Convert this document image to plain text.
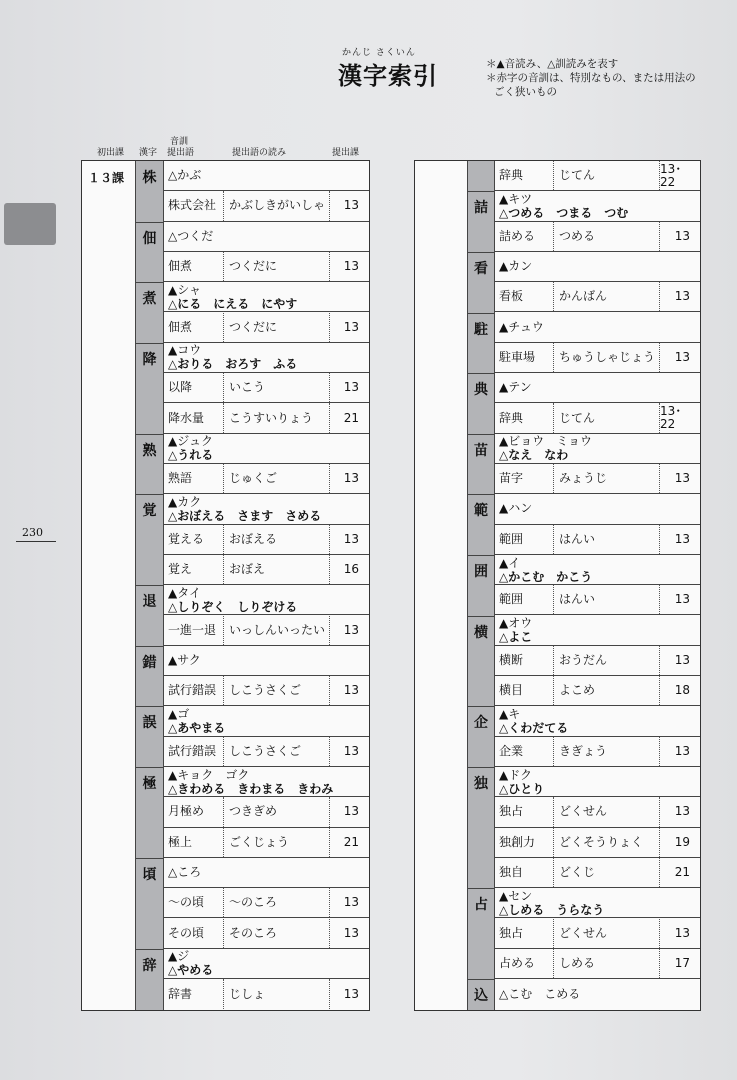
230
かんじ さくいん
漢字索引	＊▲音読み、△訓読みを表す
＊赤字の音訓は、特別なもの、または用法の
ごく狭いもの
初出課 漢字
音訓
提出語	提出語の読み	提出課
１３課	株 △かぶ
株式会社	かぶしきがいしゃ	13
佃 △つくだ
佃煮	つくだに	13
煮
▲シャ
△にる　にえる　にやす
佃煮	つくだに	13
降
▲コウ
△おりる　おろす　ふる
以降	いこう	13
降水量	こうすいりょう	21
熟
▲ジュク
△うれる
熟語	じゅくご	13
覚
▲カク
△おぼえる　さます　さめる
覚える	おぼえる	13
覚え	おぼえ	16
退
▲タイ
△しりぞく　しりぞける
一進一退	いっしんいったい	13
錯 ▲サク
試行錯誤	しこうさくご	13
誤
▲ゴ
△あやまる
試行錯誤	しこうさくご	13
極
▲キョク　ゴク
△きわめる　きわまる　きわみ
月極め	つきぎめ	13
極上	ごくじょう	21
頃 △ころ
〜の頃	〜のころ	13
その頃	そのころ	13
辞
▲ジ
△やめる
辞書	じしょ	13
辞典	じてん	13･22
詰
▲キツ
△つめる　つまる　つむ
詰める	つめる	13
看 ▲カン
看板	かんばん	13
駐 ▲チュウ
駐車場	ちゅうしゃじょう	13
典 ▲テン
辞典	じてん	13･22
苗
▲ビョウ　ミョウ
△なえ　なわ
苗字	みょうじ	13
範 ▲ハン
範囲	はんい	13
囲
▲イ
△かこむ　かこう
範囲	はんい	13
横
▲オウ
△よこ
横断	おうだん	13
横目	よこめ	18
企
▲キ
△くわだてる
企業	きぎょう	13
独
▲ドク
△ひとり
独占	どくせん	13
独創力	どくそうりょく	19
独自	どくじ	21
占
▲セン
△しめる　うらなう
独占	どくせん	13
占める	しめる	17
込 △こむ　こめる
